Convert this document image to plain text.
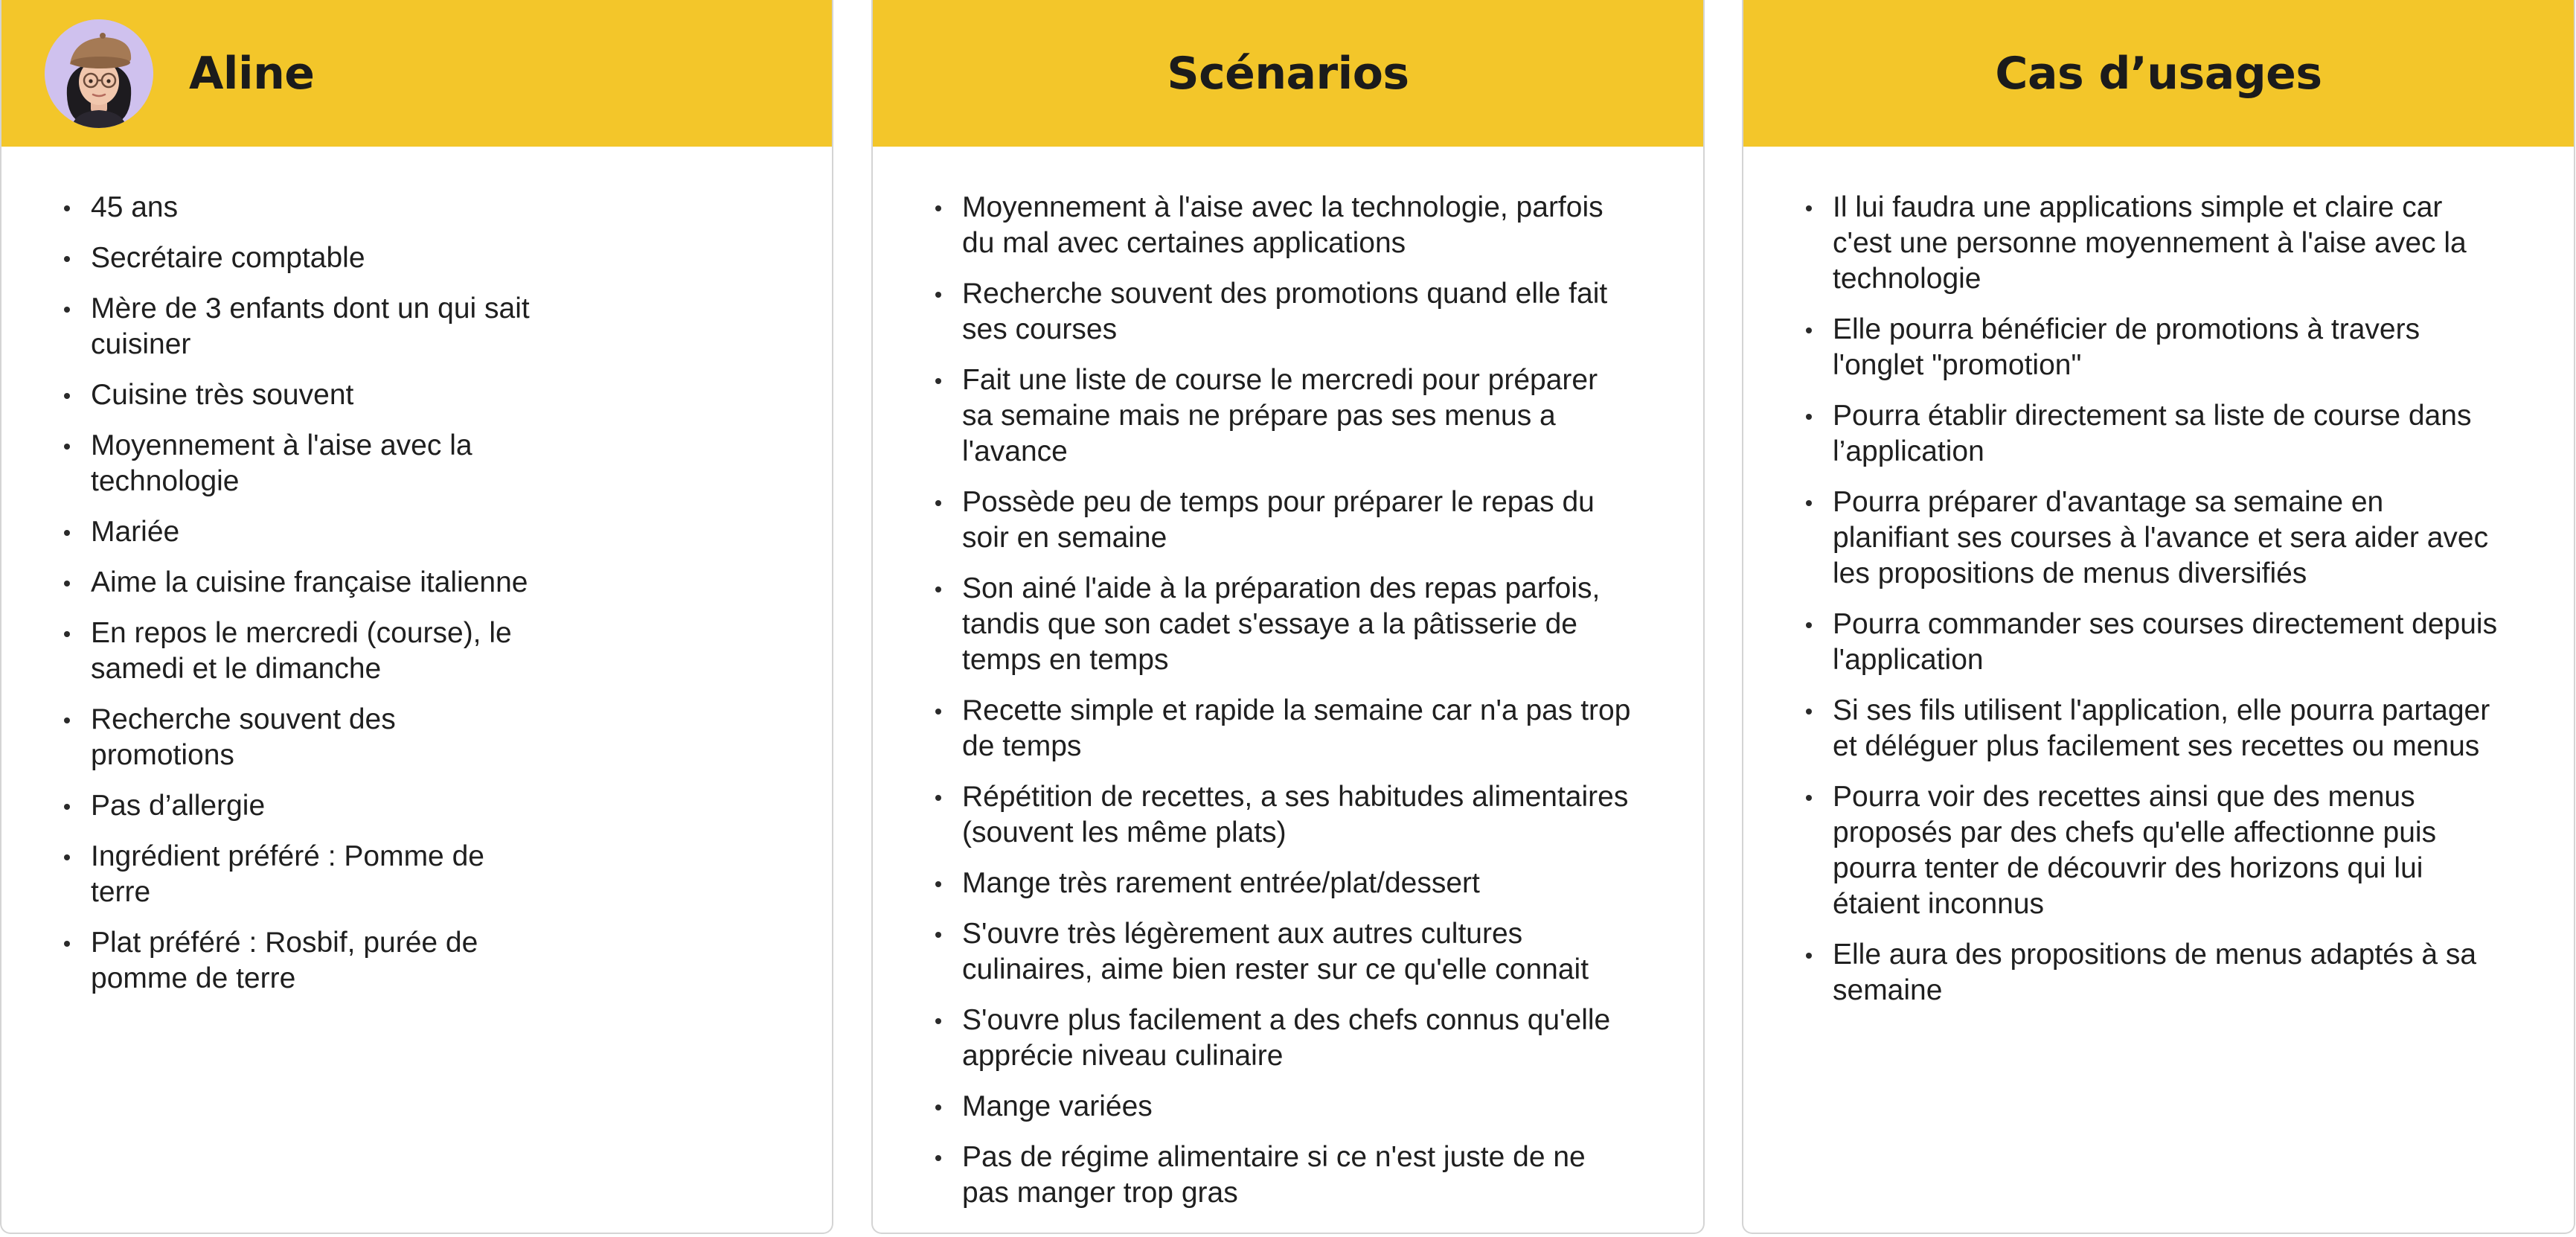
Aline
45 ans
Secrétaire comptable
Mère de 3 enfants dont un qui sait cuisiner
Cuisine très souvent
Moyennement à l'aise avec la technologie
Mariée
Aime la cuisine française italienne
En repos le mercredi (course), le samedi et le dimanche
Recherche souvent des promotions
Pas d’allergie
Ingrédient préféré : Pomme de terre
Plat préféré : Rosbif, purée de pomme de terre
Scénarios
Moyennement à l'aise avec la technologie, parfois du mal avec certaines applications
Recherche souvent des promotions quand elle fait ses courses
Fait une liste de course le mercredi pour préparer sa semaine mais ne prépare pas ses menus a l'avance
Possède peu de temps pour préparer le repas du soir en semaine
Son ainé l'aide à la préparation des repas parfois, tandis que son cadet s'essaye a la pâtisserie de temps en temps
Recette simple et rapide la semaine car n'a pas trop de temps
Répétition de recettes, a ses habitudes alimentaires (souvent les même plats)
Mange très rarement entrée/plat/dessert
S'ouvre très légèrement aux autres cultures culinaires, aime bien rester sur ce qu'elle connait
S'ouvre plus facilement a des chefs connus qu'elle apprécie niveau culinaire
Mange variées
Pas de régime alimentaire si ce n'est juste de ne pas manger trop gras
Cas d’usages
Il lui faudra une applications simple et claire car c'est une personne moyennement à l'aise avec la technologie
Elle pourra bénéficier de promotions à travers l'onglet "promotion"
Pourra établir directement sa liste de course dans l’application
Pourra préparer d'avantage sa semaine en planifiant ses courses à l'avance et sera aider avec les propositions de menus diversifiés
Pourra commander ses courses directement depuis l'application
Si ses fils utilisent l'application, elle pourra partager et déléguer plus facilement ses recettes ou menus
Pourra voir des recettes ainsi que des menus proposés par des chefs qu'elle affectionne puis pourra tenter de découvrir des horizons qui lui étaient inconnus
Elle aura des propositions de menus adaptés à sa semaine
